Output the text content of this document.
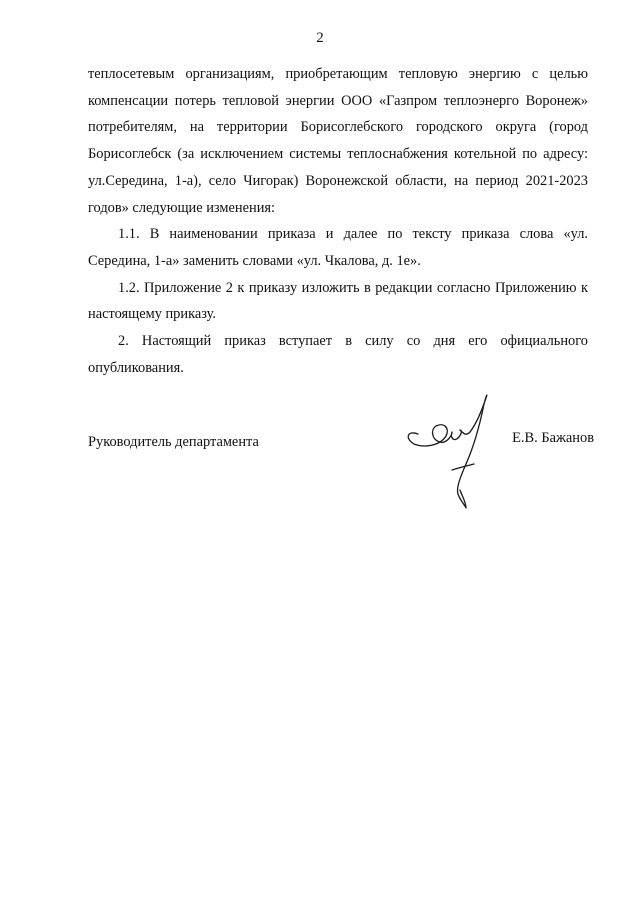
2

теплосетевым организациям, приобретающим тепловую энергию с целью компенсации потерь тепловой энергии ООО «Газпром теплоэнерго Воронеж» потребителям, на территории Борисоглебского городского округа (город Борисоглебск (за исключением системы теплоснабжения котельной по адресу: ул.Середина, 1-а), село Чигорак) Воронежской области, на период 2021-2023 годов» следующие изменения:

1.1. В наименовании приказа и далее по тексту приказа слова «ул. Середина, 1-а» заменить словами «ул. Чкалова, д. 1е».

1.2. Приложение 2 к приказу изложить в редакции согласно Приложению к настоящему приказу.

2. Настоящий приказ вступает в силу со дня его официального опубликования.

Руководитель департамента	Е.В. Бажанов
